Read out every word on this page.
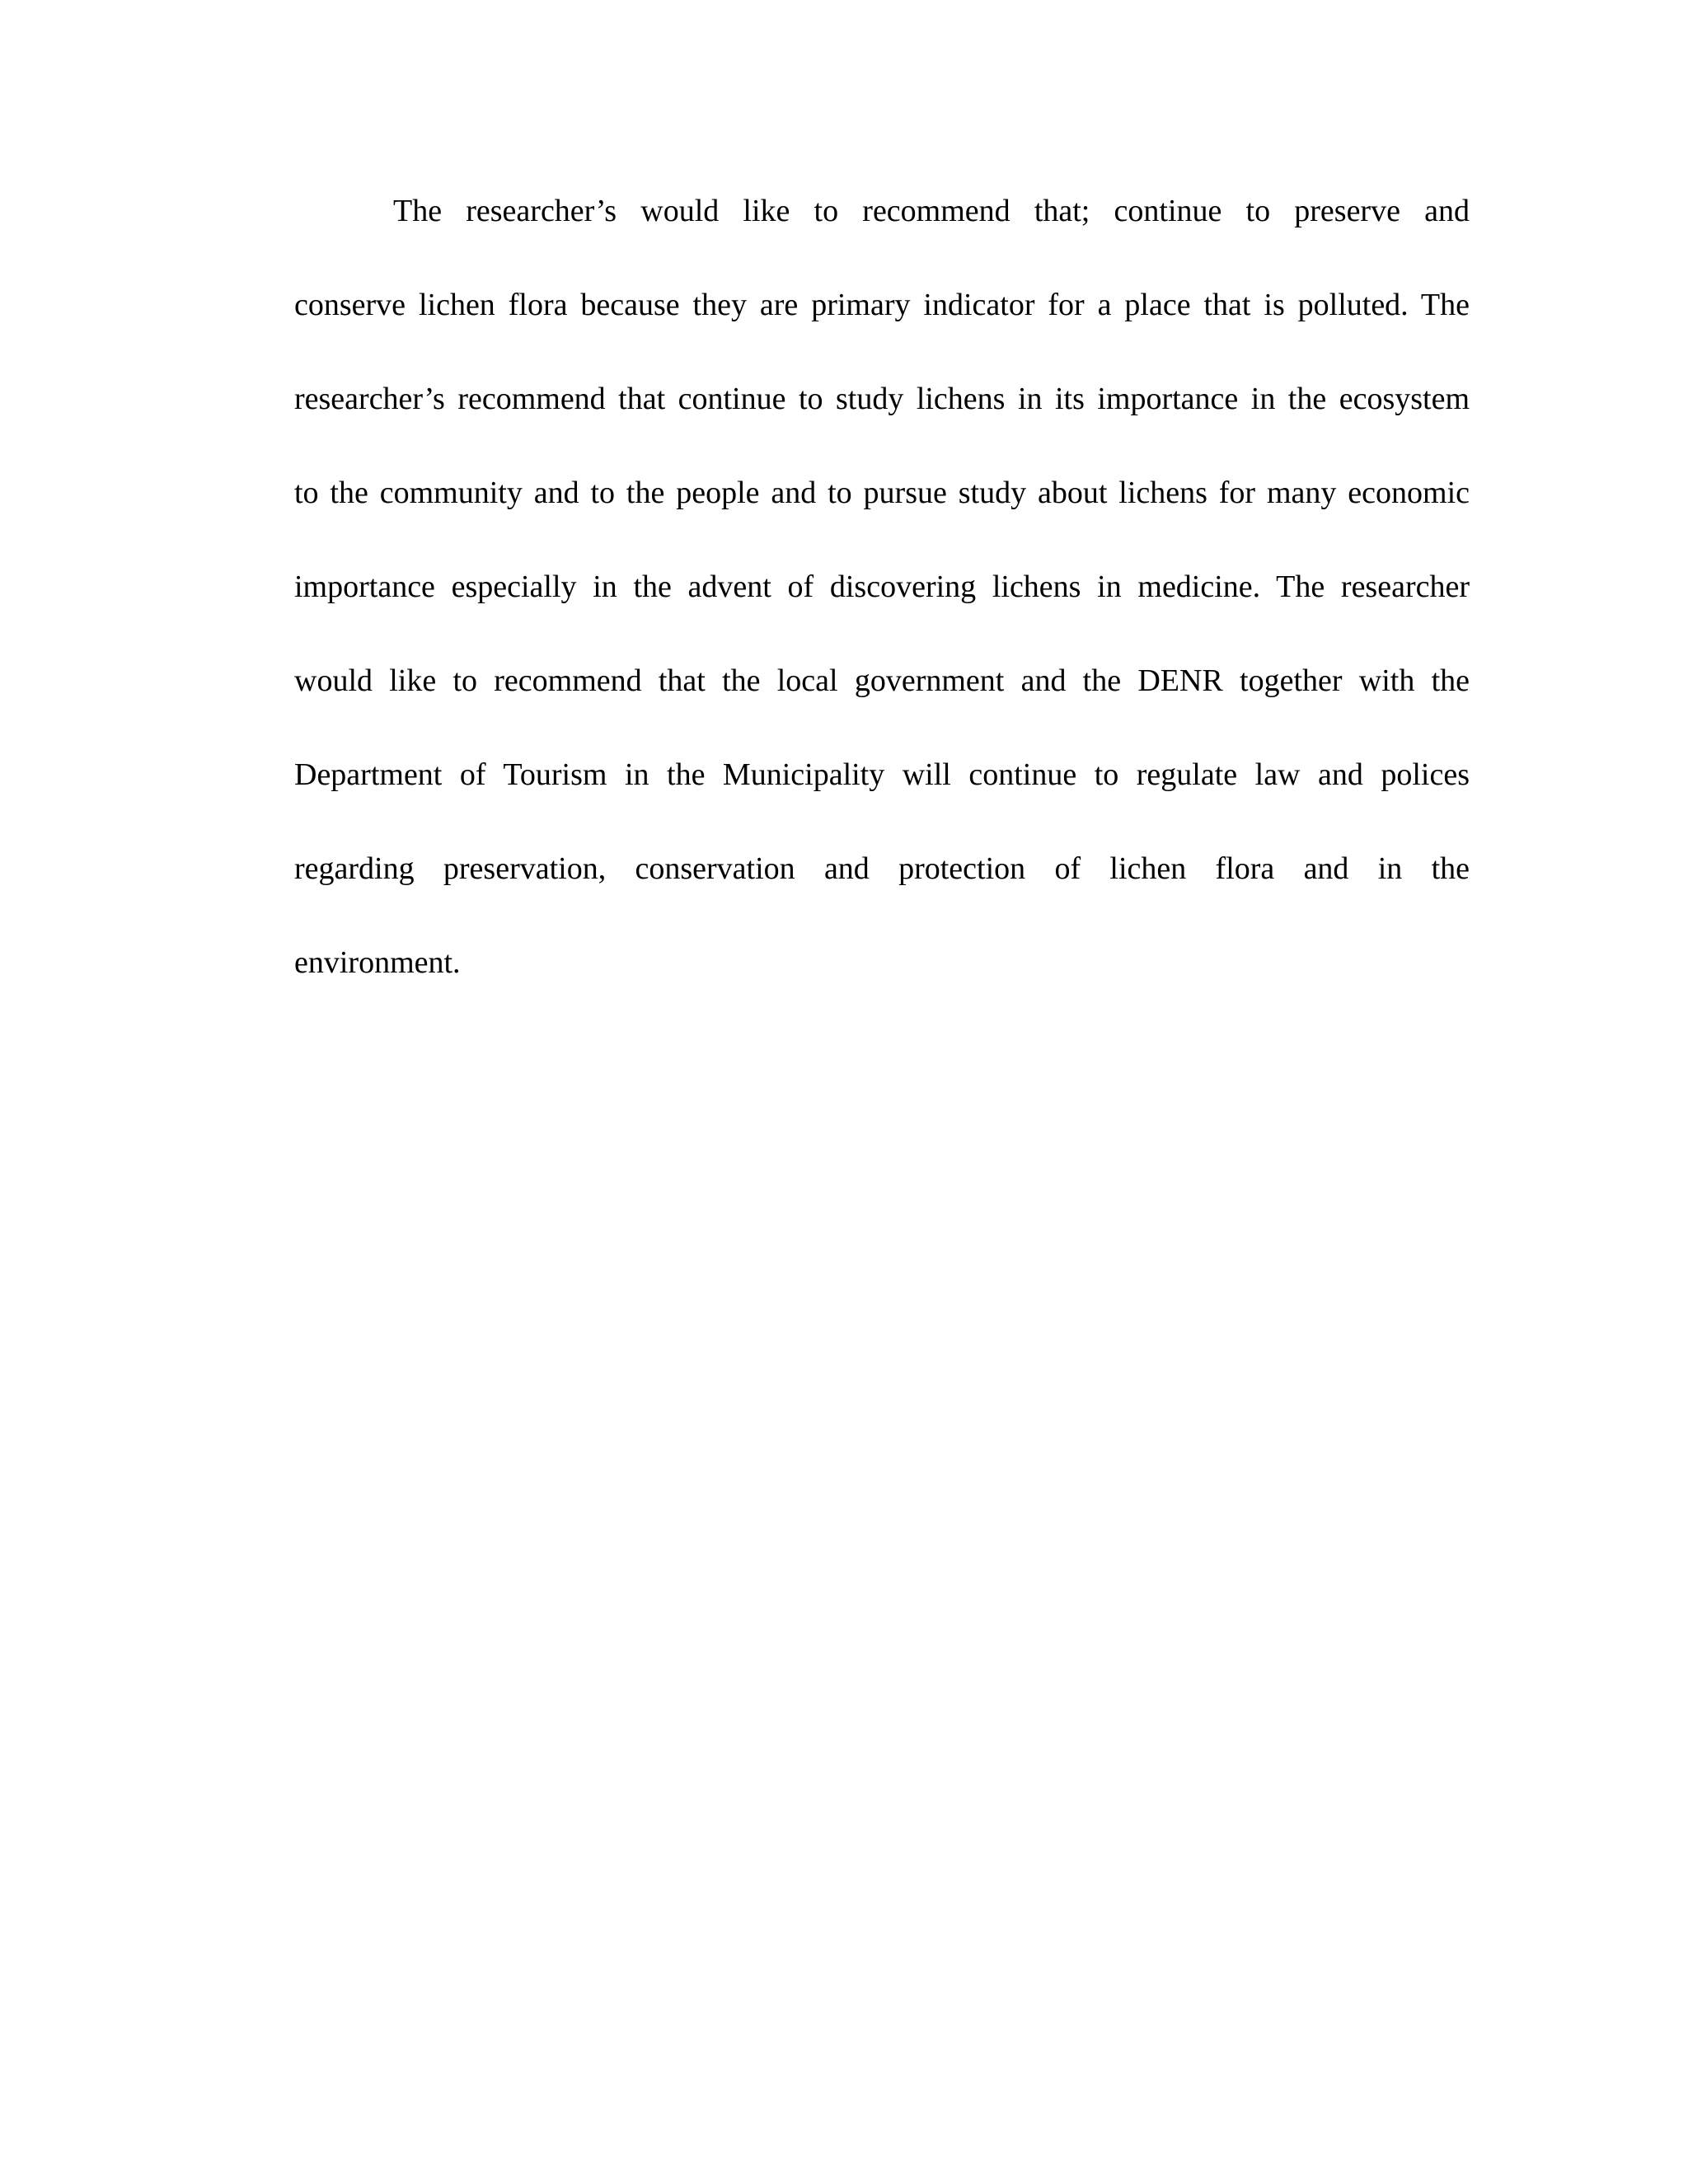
The researcher’s would like to recommend that; continue to preserve and
conserve lichen flora because they are primary indicator for a place that is polluted. The
researcher’s recommend that continue to study lichens in its importance in the ecosystem
to the community and to the people and to pursue study about lichens for many economic
importance especially in the advent of discovering lichens in medicine. The researcher
would like to recommend that the local government and the DENR together with the
Department of Tourism in the Municipality will continue to regulate law and polices
regarding preservation, conservation and protection of lichen flora and in the
environment.
